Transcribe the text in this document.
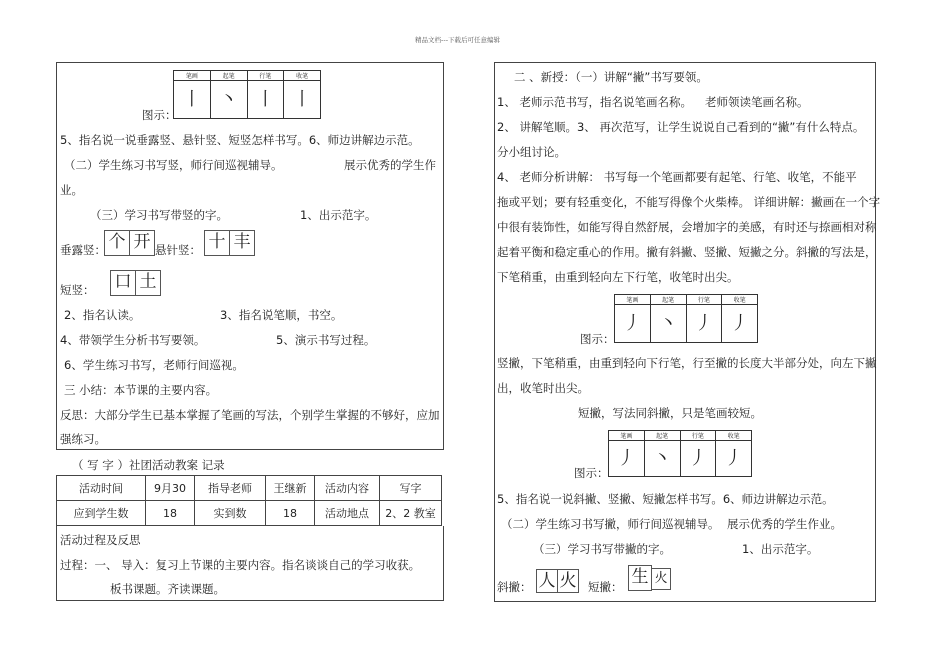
精品文档---下载后可任意编辑
笔画	起笔	行笔	收笔
丨	丶	丨	丨
图示：
5、指名说一说垂露竖、悬针竖、短竖怎样书写。6、师边讲解边示范。
（二）学生练习书写竖，师行间巡视辅导。	展示优秀的学生作
业。
（三）学习书写带竖的字。	1、出示范字。
垂露竖： 个 开 悬针竖： 十 丰
短竖： 口 土
2、指名认读。	3、指名说笔顺，书空。
4、带领学生分析书写要领。	5、演示书写过程。
6、学生练习书写，老师行间巡视。
三 小结：本节课的主要内容。
反思：大部分学生已基本掌握了笔画的写法，个别学生掌握的不够好，应加
强练习。
（ 写 字 ）社团活动教案 记录
活动时间	9月30	指导老师	王继新	活动内容	写字
应到学生数	18	实到数	18	活动地点	2、2 教室
活动过程及反思
过程：一、 导入：复习上节课的主要内容。指名谈谈自己的学习收获。
板书课题。齐读课题。
二 、新授：（一）讲解“撇”书写要领。
1、 老师示范书写，指名说笔画名称。 老师领读笔画名称。
2、 讲解笔顺。3、 再次范写，让学生说说自己看到的“撇”有什么特点。
分小组讨论。
4、 老师分析讲解： 书写每一个笔画都要有起笔、行笔、收笔，不能平
拖或平划；要有轻重变化，不能写得像个火柴棒。 详细讲解：撇画在一个字
中很有装饰性，如能写得自然舒展，会增加字的美感，有时还与捺画相对称
起着平衡和稳定重心的作用。撇有斜撇、竖撇、短撇之分。斜撇的写法是，
下笔稍重，由重到轻向左下行笔，收笔时出尖。
笔画	起笔	行笔	收笔
丿	丶	丿	丿
图示：
竖撇，下笔稍重，由重到轻向下行笔，行至撇的长度大半部分处，向左下撇
出，收笔时出尖。
短撇，写法同斜撇，只是笔画较短。
笔画	起笔	行笔	收笔
丿	丶	丿	丿
图示：
5、指名说一说斜撇、竖撇、短撇怎样书写。6、师边讲解边示范。
（二）学生练习书写撇，师行间巡视辅导。 展示优秀的学生作业。
（三）学习书写带撇的字。	1、出示范字。
斜撇： 人 火 短撇： 生 火
